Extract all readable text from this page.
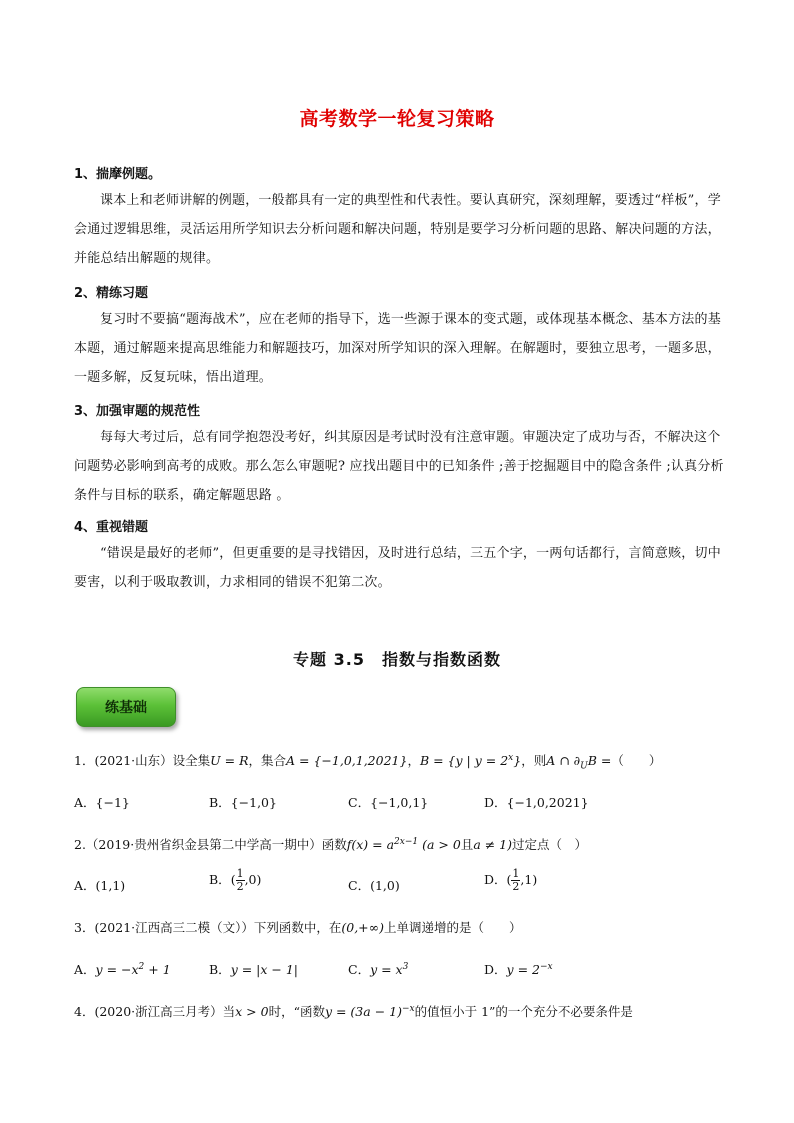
高考数学一轮复习策略
1、揣摩例题。
课本上和老师讲解的例题，一般都具有一定的典型性和代表性。要认真研究，深刻理解，要透过“样板”，学会通过逻辑思维，灵活运用所学知识去分析问题和解决问题，特别是要学习分析问题的思路、解决问题的方法，并能总结出解题的规律。
2、精练习题
复习时不要搞“题海战术”，应在老师的指导下，选一些源于课本的变式题，或体现基本概念、基本方法的基本题，通过解题来提高思维能力和解题技巧，加深对所学知识的深入理解。在解题时，要独立思考，一题多思，一题多解，反复玩味，悟出道理。
3、加强审题的规范性
每每大考过后，总有同学抱怨没考好，纠其原因是考试时没有注意审题。审题决定了成功与否，不解决这个问题势必影响到高考的成败。那么怎么审题呢? 应找出题目中的已知条件 ;善于挖掘题目中的隐含条件 ;认真分析条件与目标的联系，确定解题思路 。
4、重视错题
“错误是最好的老师”，但更重要的是寻找错因，及时进行总结，三五个字，一两句话都行，言简意赅，切中要害，以利于吸取教训，力求相同的错误不犯第二次。
专题 3.5　指数与指数函数
练基础
1．(2021·山东）设全集U = R，集合A = {−1,0,1,2021}，B = {y | $y = 2^x$}，则A ∩ $\partial_UB$ =（　　）
A．{−1}	B．{−1,0}	C．{−1,0,1}	D．{−1,0,2021}
2.（2019·贵州省织金县第二中学高一期中）函数$f(x) = a^{2x-1}$ (a > 0且a ≠ 1)过定点（　）
A．(1,1)	B．( $\frac{1}{2} ,0$)	C．(1,0)	D．( $\frac{1}{2} ,1$)
3．(2021·江西高三二模（文））下列函数中，在(0,+∞)上单调递增的是（　　）
A．$y = -x^2 + 1$	B．y = |x − 1|	C．$y = x^3$	D．$y = 2^{-x}$
4．(2020·浙江高三月考）当x > 0时，“函数$y = (3a - 1)^{-x}$的值恒小于 1”的一个充分不必要条件是
